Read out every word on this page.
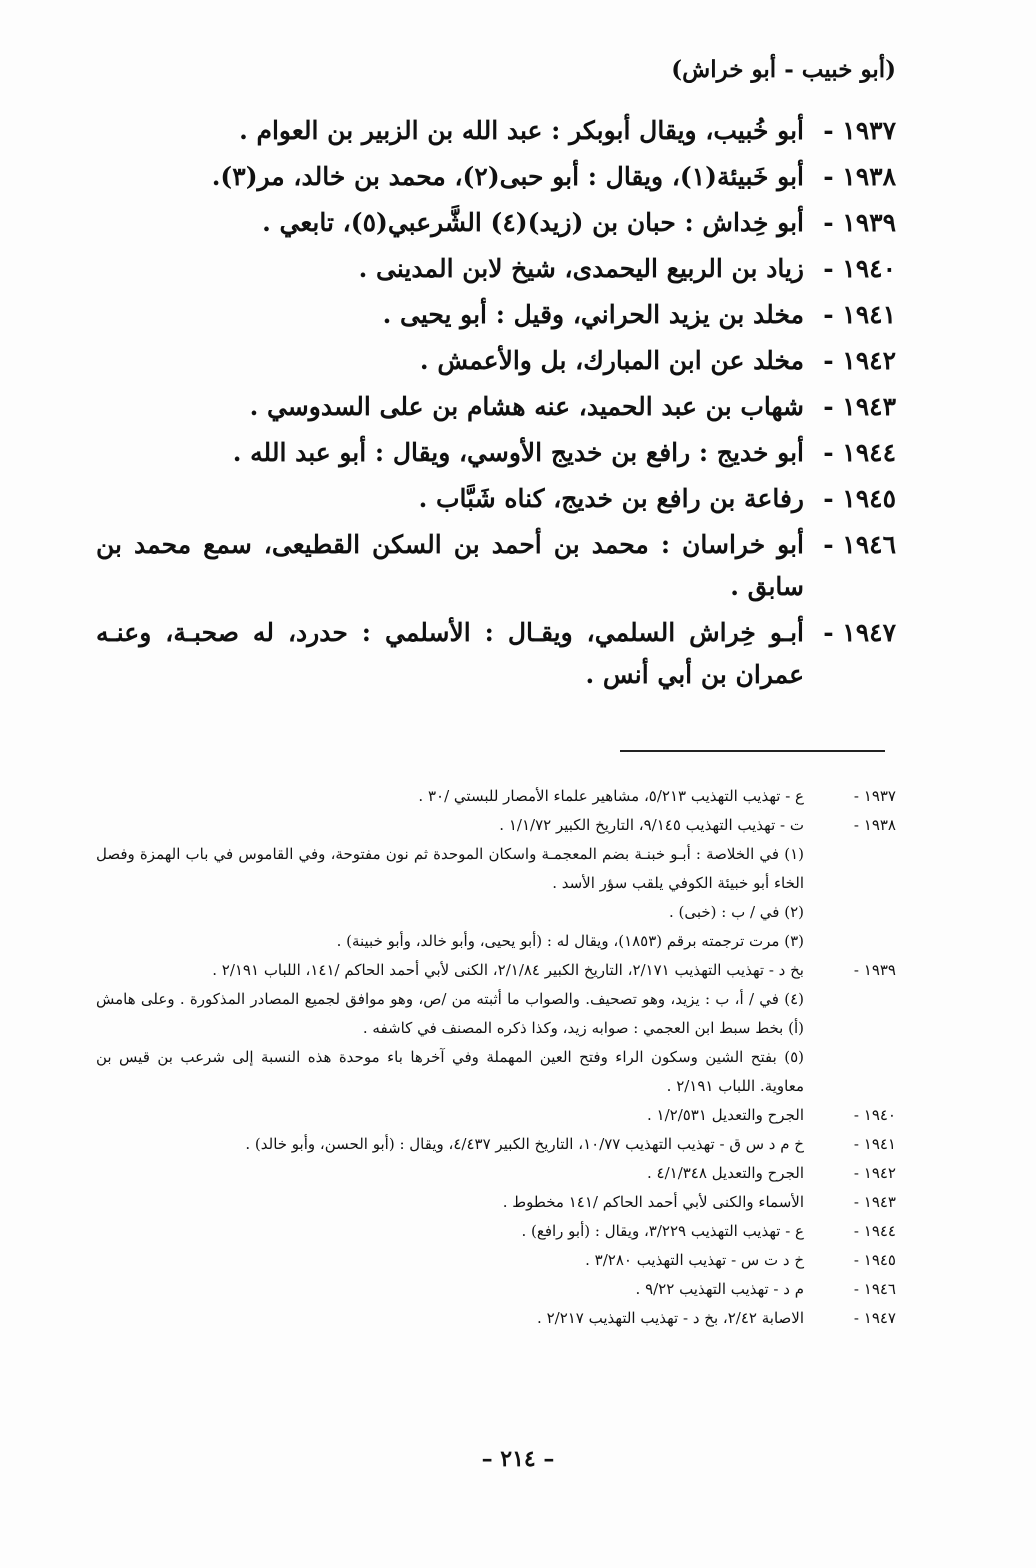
(أبو خبيب - أبو خراش)
١٩٣٧ -
أبو خُبيب، ويقال أبوبكر : عبد الله بن الزبير بن العوام .
١٩٣٨ -
أبو خَبيئة(١)، ويقال : أبو حبى(٢)، محمد بن خالد، مر(٣).
١٩٣٩ -
أبو خِداش : حبان بن (زيد)(٤) الشَّرعبي(٥)، تابعي .
١٩٤٠ -
زياد بن الربيع اليحمدى، شيخ لابن المدينى .
١٩٤١ -
مخلد بن يزيد الحراني، وقيل : أبو يحيى .
١٩٤٢ -
مخلد عن ابن المبارك، بل والأعمش .
١٩٤٣ -
شهاب بن عبد الحميد، عنه هشام بن على السدوسي .
١٩٤٤ -
أبو خديج : رافع بن خديج الأوسي، ويقال : أبو عبد الله .
١٩٤٥ -
رفاعة بن رافع بن خديج، كناه شَبَّاب .
١٩٤٦ -
أبو خراسان : محمد بن أحمد بن السكن القطيعى، سمع محمد بن سابق .
١٩٤٧ -
أبـو خِراش السلمي، ويقـال : الأسلمي : حدرد، له صحبـة، وعنـه عمران بن أبي أنس .
١٩٣٧ -
ع - تهذيب التهذيب ٥/٢١٣، مشاهير علماء الأمصار للبستي /٣٠ .
١٩٣٨ -
ت - تهذيب التهذيب ٩/١٤٥، التاريخ الكبير ١/١/٧٢ .
(١) في الخلاصة : أبـو خبنـة بضم المعجمـة واسكان الموحدة ثم نون مفتوحة، وفي القاموس في باب الهمزة وفصل الخاء أبو خبيئة الكوفي يلقب سؤر الأسد .
(٢) في / ب : (خبى) .
(٣) مرت ترجمته برقم (١٨٥٣)، ويقال له : (أبو يحيى، وأبو خالد، وأبو خبينة) .
١٩٣٩ -
بخ د - تهذيب التهذيب ٢/١٧١، التاريخ الكبير ٢/١/٨٤، الكنى لأبي أحمد الحاكم /١٤١، اللباب ٢/١٩١ .
(٤) في / أ، ب : يزيد، وهو تصحيف. والصواب ما أثبته من /ص، وهو موافق لجميع المصادر المذكورة . وعلى هامش (أ) بخط سبط ابن العجمي : صوابه زيد، وكذا ذكره المصنف في كاشفه .
(٥) بفتح الشين وسكون الراء وفتح العين المهملة وفي آخرها باء موحدة هذه النسبة إلى شرعب بن قيس بن معاوية. اللباب ٢/١٩١ .
١٩٤٠ -
الجرح والتعديل ١/٢/٥٣١ .
١٩٤١ -
خ م د س ق - تهذيب التهذيب ١٠/٧٧، التاريخ الكبير ٤/٤٣٧، ويقال : (أبو الحسن، وأبو خالد) .
١٩٤٢ -
الجرح والتعديل ٤/١/٣٤٨ .
١٩٤٣ -
الأسماء والكنى لأبي أحمد الحاكم /١٤١ مخطوط .
١٩٤٤ -
ع - تهذيب التهذيب ٣/٢٢٩، ويقال : (أبو رافع) .
١٩٤٥ -
خ د ت س - تهذيب التهذيب ٣/٢٨٠ .
١٩٤٦ -
م د - تهذيب التهذيب ٩/٢٢ .
١٩٤٧ -
الاصابة ٢/٤٢، بخ د - تهذيب التهذيب ٢/٢١٧ .
– ٢١٤ –
